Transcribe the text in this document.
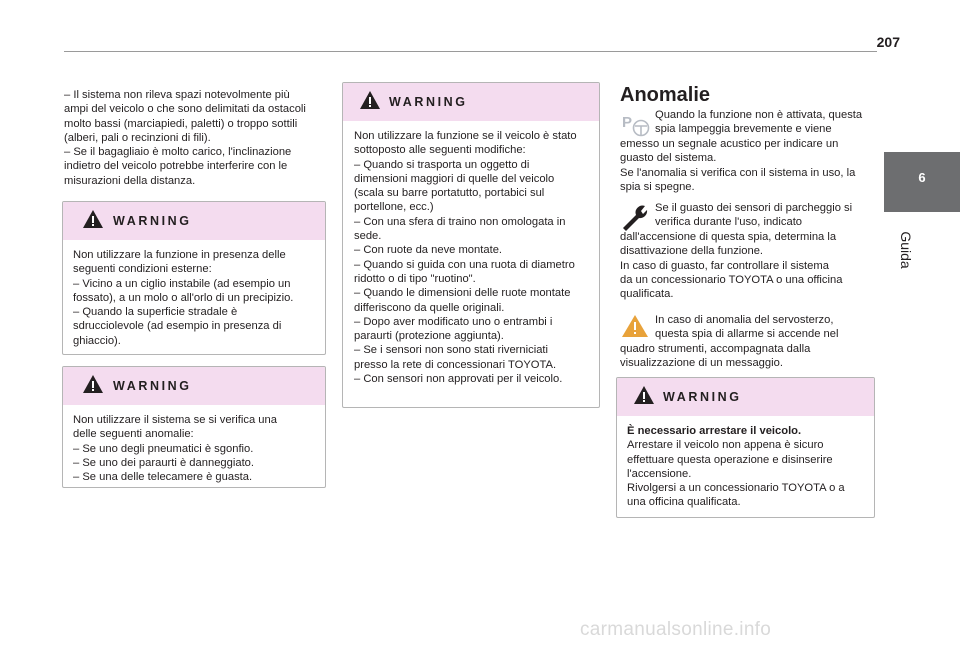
207
6
Guida

– Il sistema non rileva spazi notevolmente più

ampi del veicolo o che sono delimitati da ostacoli

molto bassi (marciapiedi, paletti) o troppo sottili

(alberi, pali o recinzioni di fili).

– Se il bagagliaio è molto carico, l'inclinazione

indietro del veicolo potrebbe interferire con le

misurazioni della distanza.

WARNING

Non utilizzare la funzione in presenza delle

seguenti condizioni esterne:

– Vicino a un ciglio instabile (ad esempio un

fossato), a un molo o all'orlo di un precipizio.

– Quando la superficie stradale è

sdrucciolevole (ad esempio in presenza di

ghiaccio).

WARNING

Non utilizzare il sistema se si verifica una

delle seguenti anomalie:

– Se uno degli pneumatici è sgonfio.

– Se uno dei paraurti è danneggiato.

– Se una delle telecamere è guasta.

WARNING

Non utilizzare la funzione se il veicolo è stato

sottoposto alle seguenti modifiche:

– Quando si trasporta un oggetto di

dimensioni maggiori di quelle del veicolo

(scala su barre portatutto, portabici sul

portellone, ecc.)

– Con una sfera di traino non omologata in

sede.

– Con ruote da neve montate.

– Quando si guida con una ruota di diametro

ridotto o di tipo "ruotino".

– Quando le dimensioni delle ruote montate

differiscono da quelle originali.

– Dopo aver modificato uno o entrambi i

paraurti (protezione aggiunta).

– Se i sensori non sono stati riverniciati

presso la rete di concessionari TOYOTA.

– Con sensori non approvati per il veicolo.

Anomalie
P Quando la funzione non è attivata, questa

spia lampeggia brevemente e viene

emesso un segnale acustico per indicare un

guasto del sistema.

Se l'anomalia si verifica con il sistema in uso, la

spia si spegne.

Se il guasto dei sensori di parcheggio si

verifica durante l'uso, indicato

dall'accensione di questa spia, determina la

disattivazione della funzione.

In caso di guasto, far controllare il sistema

da un concessionario TOYOTA o una officina

qualificata.

In caso di anomalia del servosterzo,

questa spia di allarme si accende nel

quadro strumenti, accompagnata dalla

visualizzazione di un messaggio.

WARNING

È necessario arrestare il veicolo.

Arrestare il veicolo non appena è sicuro

effettuare questa operazione e disinserire

l'accensione.

Rivolgersi a un concessionario TOYOTA o a

una officina qualificata.

carmanualsonline.info
